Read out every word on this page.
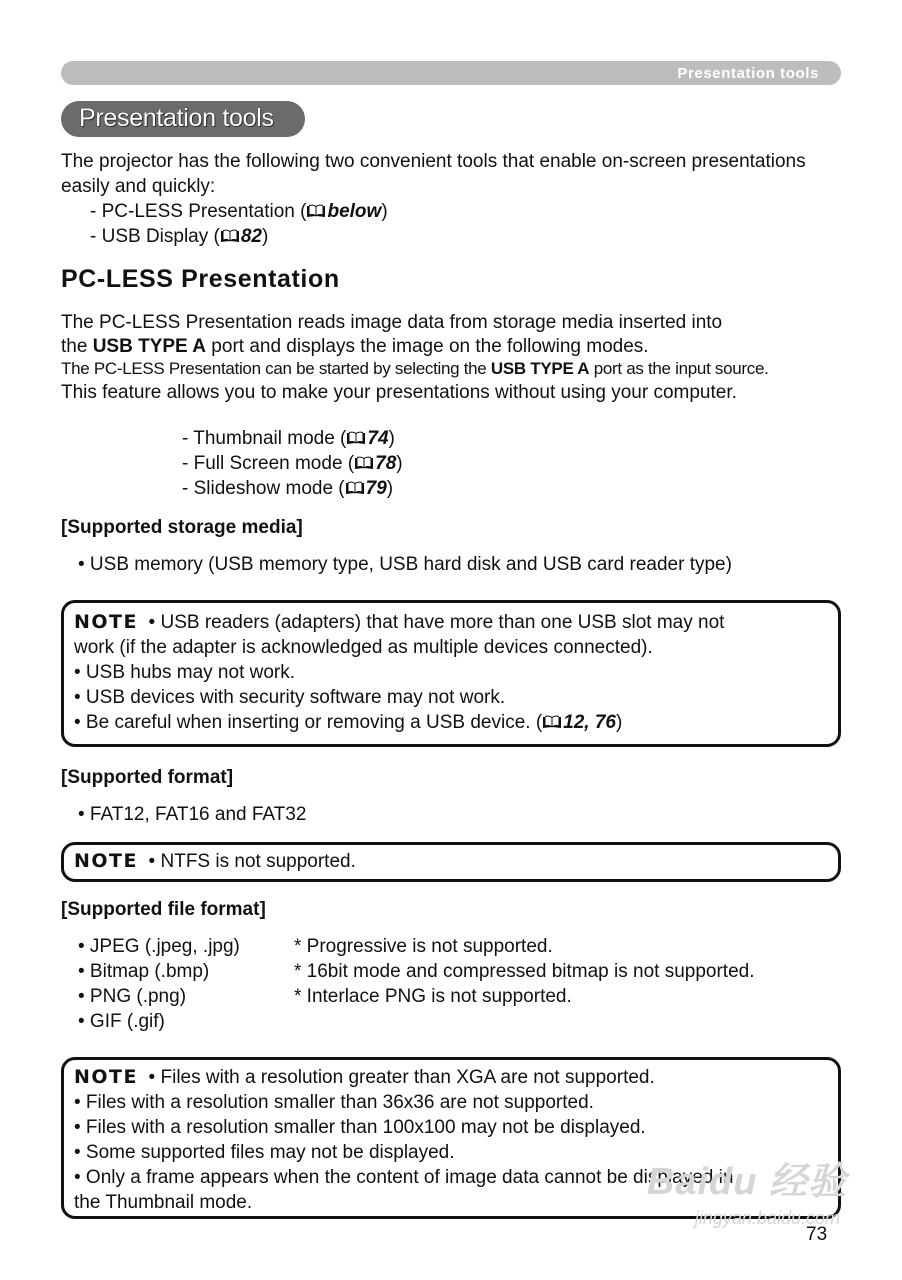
Presentation tools
Presentation tools
The projector has the following two convenient tools that enable on-screen presentations
easily and quickly:
- PC-LESS Presentation ( below)
- USB Display ( 82)
PC-LESS Presentation
The PC-LESS Presentation reads image data from storage media inserted into
the USB TYPE A port and displays the image on the following modes.
The PC-LESS Presentation can be started by selecting the USB TYPE A port as the input source.
This feature allows you to make your presentations without using your computer.
- Thumbnail mode ( 74)
- Full Screen mode ( 78)
- Slideshow mode ( 79)
[Supported storage media]
• USB memory (USB memory type, USB hard disk and USB card reader type)
NOTE  • USB readers (adapters) that have more than one USB slot may not
work (if the adapter is acknowledged as multiple devices connected).
• USB hubs may not work.
• USB devices with security software may not work.
• Be careful when inserting or removing a USB device. ( 12, 76)
[Supported format]
• FAT12, FAT16 and FAT32
NOTE  • NTFS is not supported.
[Supported file format]
• JPEG (.jpeg, .jpg)	* Progressive is not supported.
• Bitmap (.bmp)	* 16bit mode and compressed bitmap is not supported.
• PNG (.png)	* Interlace PNG is not supported.
• GIF (.gif)
NOTE  • Files with a resolution greater than XGA are not supported.
• Files with a resolution smaller than 36x36 are not supported.
• Files with a resolution smaller than 100x100 may not be displayed.
• Some supported files may not be displayed.
• Only a frame appears when the content of image data cannot be displayed in
the Thumbnail mode.	Baidu 经验
jingyan.baidu.com
73
